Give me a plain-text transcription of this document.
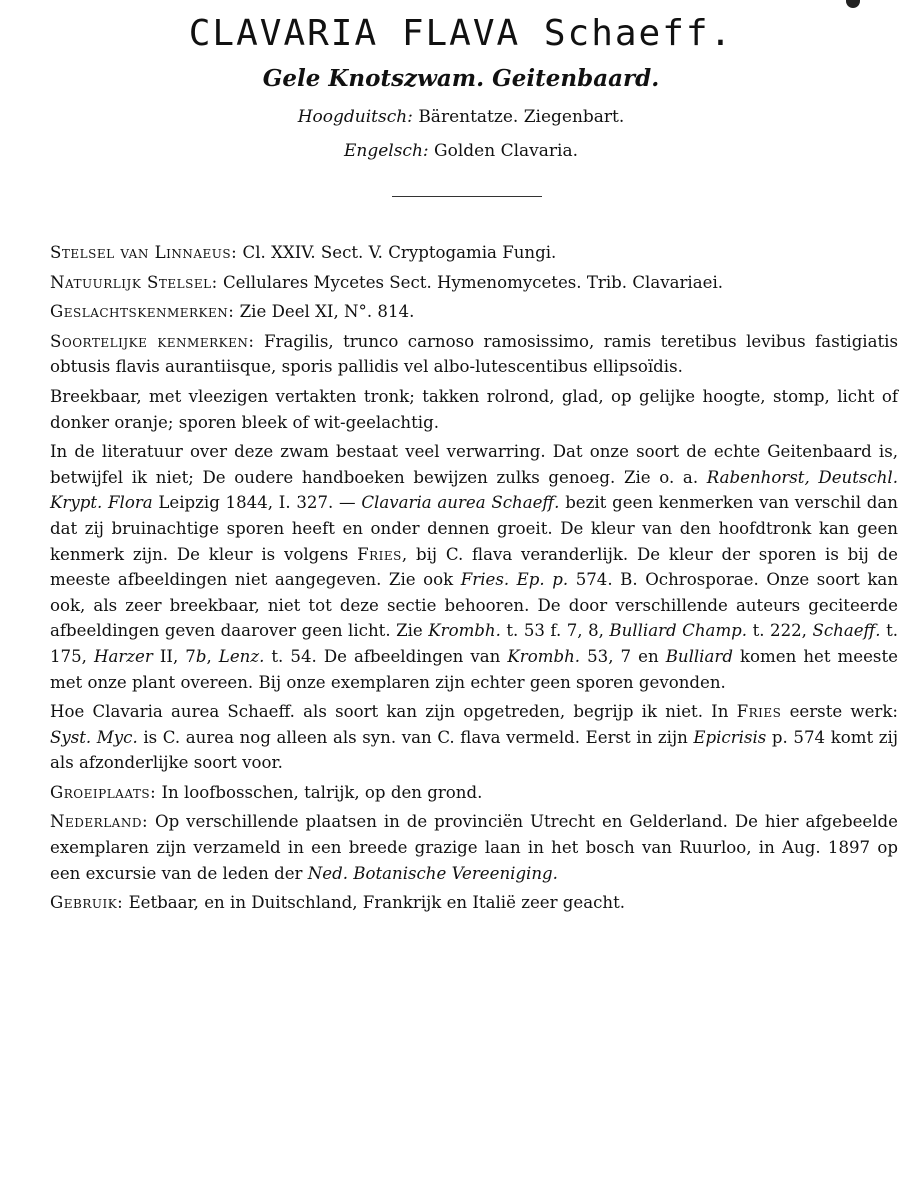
CLAVARIA FLAVA Schaeff.
Gele Knotszwam. Geitenbaard.
Hoogduitsch: Bärentatze. Ziegenbart.
Engelsch: Golden Clavaria.

Stelsel van Linnaeus: Cl. XXIV. Sect. V. Cryptogamia Fungi.

Natuurlijk Stelsel: Cellulares Mycetes Sect. Hymenomycetes. Trib. Clavariaei.

Geslachtskenmerken: Zie Deel XI, N°. 814.

Soortelijke kenmerken: Fragilis, trunco carnoso ramosissimo, ramis teretibus levibus fastigiatis obtusis flavis aurantiisque, sporis pallidis vel albo-lutescentibus ellipsoïdis.

Breekbaar, met vleezigen vertakten tronk; takken rolrond, glad, op gelijke hoogte, stomp, licht of donker oranje; sporen bleek of wit-geelachtig.

In de literatuur over deze zwam bestaat veel verwarring. Dat onze soort de echte Geitenbaard is, betwijfel ik niet; De oudere handboeken bewijzen zulks genoeg. Zie o. a. Rabenhorst, Deutschl. Krypt. Flora Leipzig 1844, I. 327. — Clavaria aurea Schaeff. bezit geen kenmerken van verschil dan dat zij bruinachtige sporen heeft en onder dennen groeit. De kleur van den hoofdtronk kan geen kenmerk zijn. De kleur is volgens Fries, bij C. flava veranderlijk. De kleur der sporen is bij de meeste afbeeldingen niet aangegeven. Zie ook Fries. Ep. p. 574. B. Ochrosporae. Onze soort kan ook, als zeer breekbaar, niet tot deze sectie behooren. De door verschillende auteurs geciteerde afbeeldingen geven daarover geen licht. Zie Krombh. t. 53 f. 7, 8, Bulliard Champ. t. 222, Schaeff. t. 175, Harzer II, 7b, Lenz. t. 54. De afbeeldingen van Krombh. 53, 7 en Bulliard komen het meeste met onze plant overeen. Bij onze exemplaren zijn echter geen sporen gevonden.

Hoe Clavaria aurea Schaeff. als soort kan zijn opgetreden, begrijp ik niet. In Fries eerste werk: Syst. Myc. is C. aurea nog alleen als syn. van C. flava vermeld. Eerst in zijn Epicrisis p. 574 komt zij als afzonderlijke soort voor.

Groeiplaats: In loofbosschen, talrijk, op den grond.

Nederland: Op verschillende plaatsen in de provinciën Utrecht en Gelderland. De hier afgebeelde exemplaren zijn verzameld in een breede grazige laan in het bosch van Ruurloo, in Aug. 1897 op een excursie van de leden der Ned. Botanische Vereeniging.

Gebruik: Eetbaar, en in Duitschland, Frankrijk en Italië zeer geacht.
